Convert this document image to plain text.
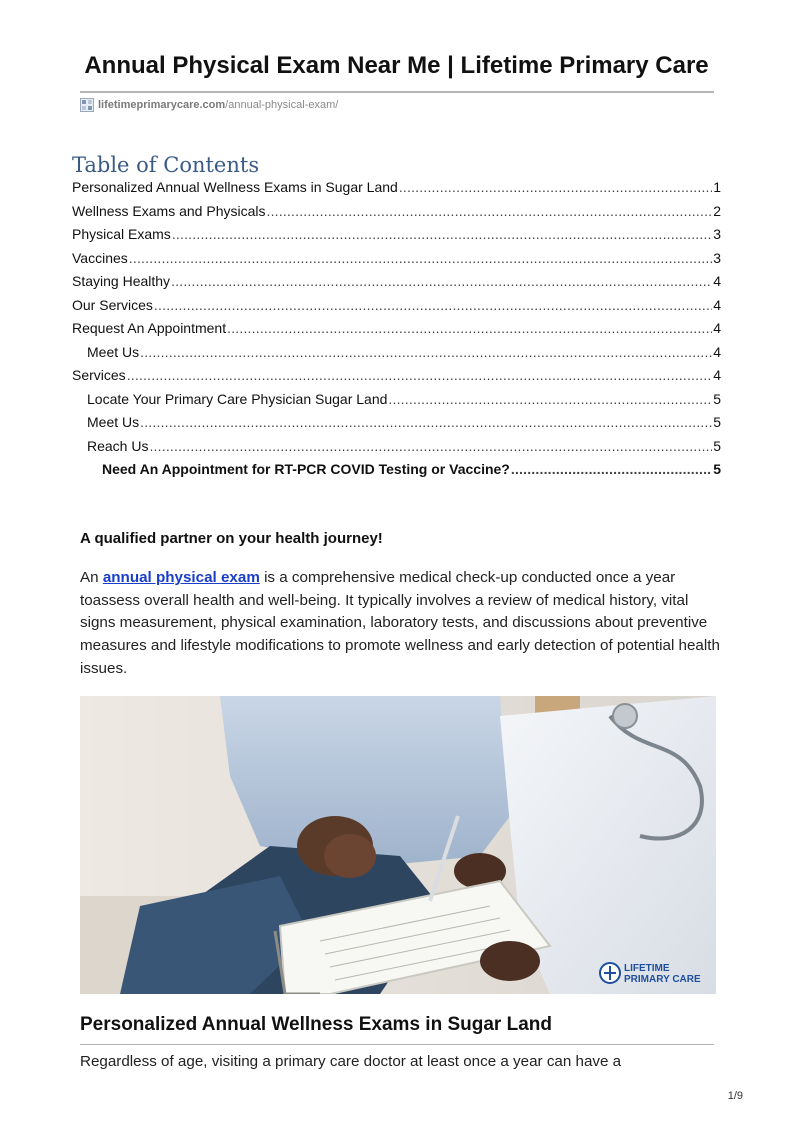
Annual Physical Exam Near Me | Lifetime Primary Care
lifetimeprimarycare.com/annual-physical-exam/
Table of Contents
Personalized Annual Wellness Exams in Sugar Land .....	1
Wellness Exams and Physicals .....	2
Physical Exams .....	3
Vaccines .....	3
Staying Healthy .....	4
Our Services .....	4
Request An Appointment .....	4
Meet Us .....	4
Services .....	4
Locate Your Primary Care Physician Sugar Land .....	5
Meet Us .....	5
Reach Us .....	5
Need An Appointment for RT-PCR COVID Testing or Vaccine? .....	5
A qualified partner on your health journey!
An annual physical exam is a comprehensive medical check-up conducted once a year toassess overall health and well-being. It typically involves a review of medical history, vital signs measurement, physical examination, laboratory tests, and discussions about preventive measures and lifestyle modifications to promote wellness and early detection of potential health issues.
LIFETIME
PRIMARY CARE
Personalized Annual Wellness Exams in Sugar Land
Regardless of age, visiting a primary care doctor at least once a year can have a
1/9
